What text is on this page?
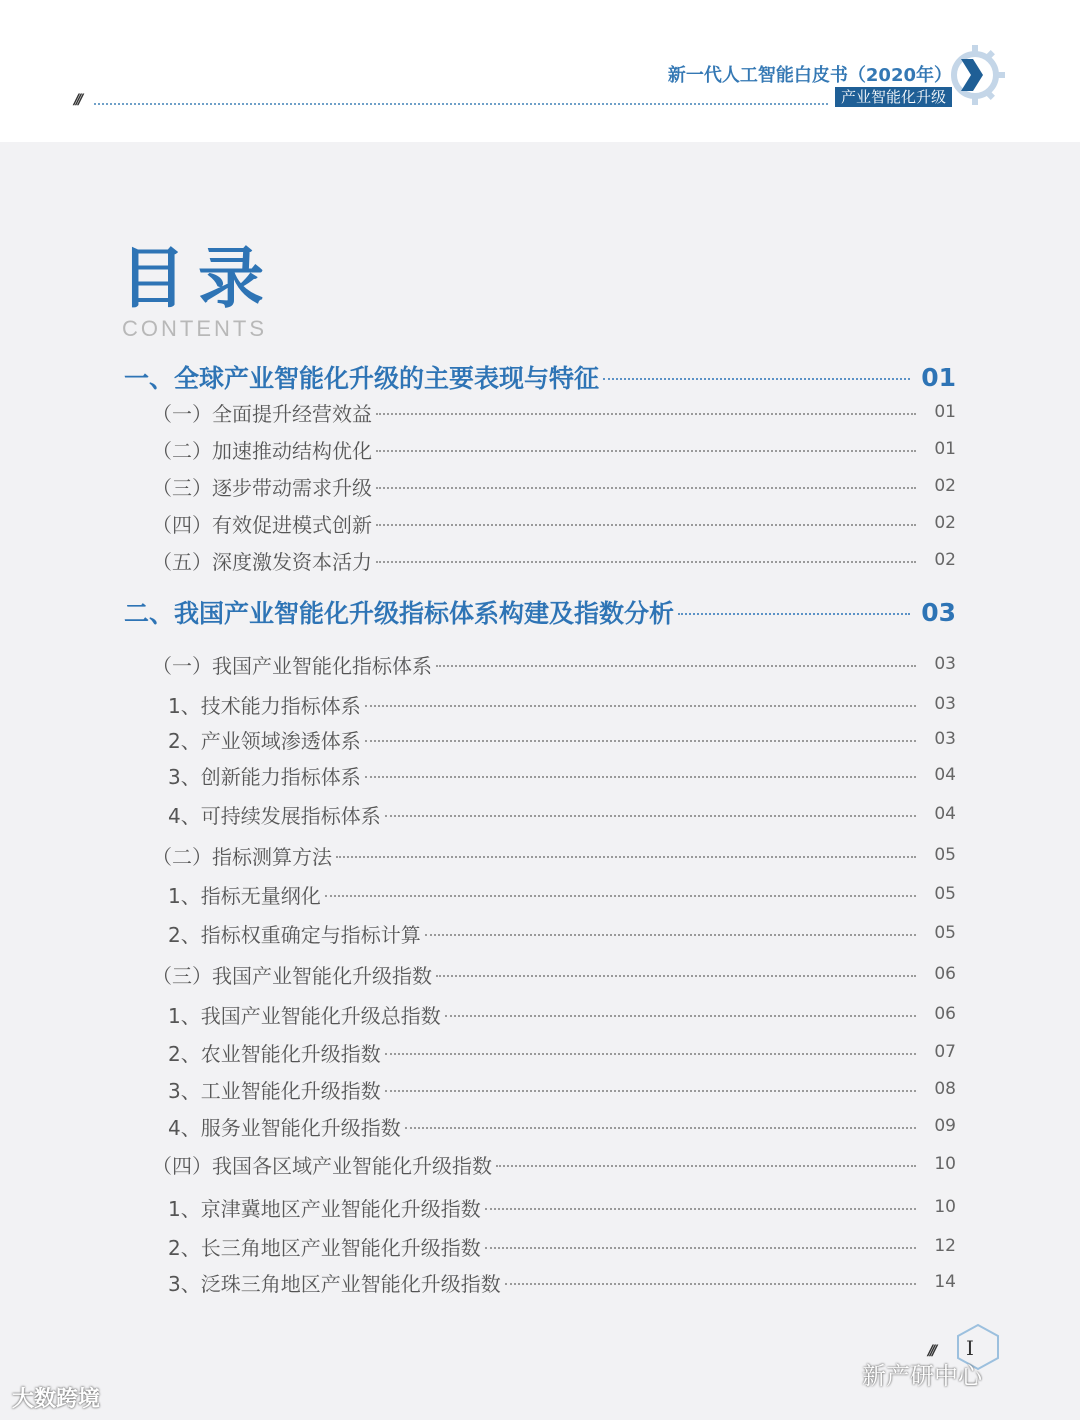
///
新一代人工智能白皮书（2020年）
产业智能化升级
目录
CONTENTS
一、全球产业智能化升级的主要表现与特征	01
（一）全面提升经营效益	01
（二）加速推动结构优化	01
（三）逐步带动需求升级	02
（四）有效促进模式创新	02
（五）深度激发资本活力	02
二、我国产业智能化升级指标体系构建及指数分析	03
（一）我国产业智能化指标体系	03
1、技术能力指标体系	03
2、产业领域渗透体系	03
3、创新能力指标体系	04
4、可持续发展指标体系	04
（二）指标测算方法	05
1、指标无量纲化	05
2、指标权重确定与指标计算	05
（三）我国产业智能化升级指数	06
1、我国产业智能化升级总指数	06
2、农业智能化升级指数	07
3、工业智能化升级指数	08
4、服务业智能化升级指数	09
（四）我国各区域产业智能化升级指数	10
1、京津冀地区产业智能化升级指数	10
2、长三角地区产业智能化升级指数	12
3、泛珠三角地区产业智能化升级指数	14
/// I
新产研中心
大数跨境
